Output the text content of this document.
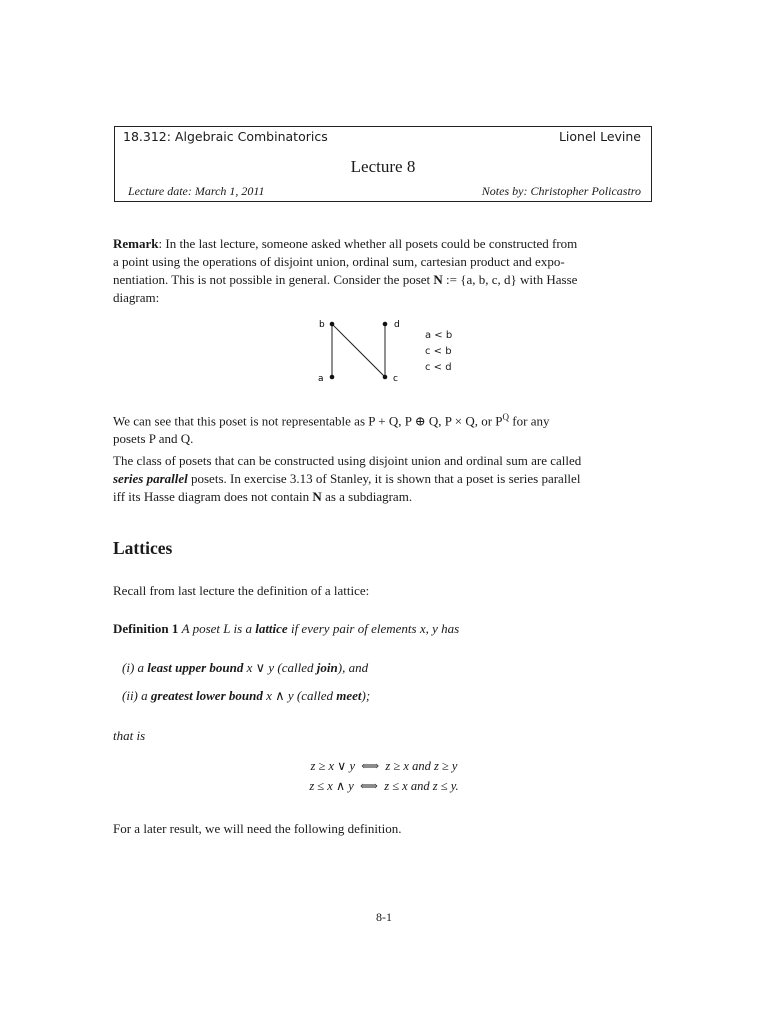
18.312: Algebraic Combinatorics	Lionel Levine
Lecture 8
Lecture date: March 1, 2011	Notes by: Christopher Policastro
Remark: In the last lecture, someone asked whether all posets could be constructed from
a point using the operations of disjoint union, ordinal sum, cartesian product and expo-
nentiation. This is not possible in general. Consider the poset N := {a, b, c, d} with Hasse
diagram:
b	d
a	c
a < b
c < b
c < d
We can see that this poset is not representable as P + Q, P ⊕ Q, P × Q, or $P^Q$ for any
posets P and Q.
The class of posets that can be constructed using disjoint union and ordinal sum are called
series parallel posets. In exercise 3.13 of Stanley, it is shown that a poset is series parallel
iff its Hasse diagram does not contain N as a subdiagram.
Lattices
Recall from last lecture the definition of a lattice:
Definition 1 A poset L is a lattice if every pair of elements x, y has
(i) a least upper bound x ∨ y (called join), and
(ii) a greatest lower bound x ∧ y (called meet);
that is
z ≥ x ∨ y  ⟺  z ≥ x and z ≥ y
z ≤ x ∧ y  ⟺  z ≤ x and z ≤ y.
For a later result, we will need the following definition.
8-1
